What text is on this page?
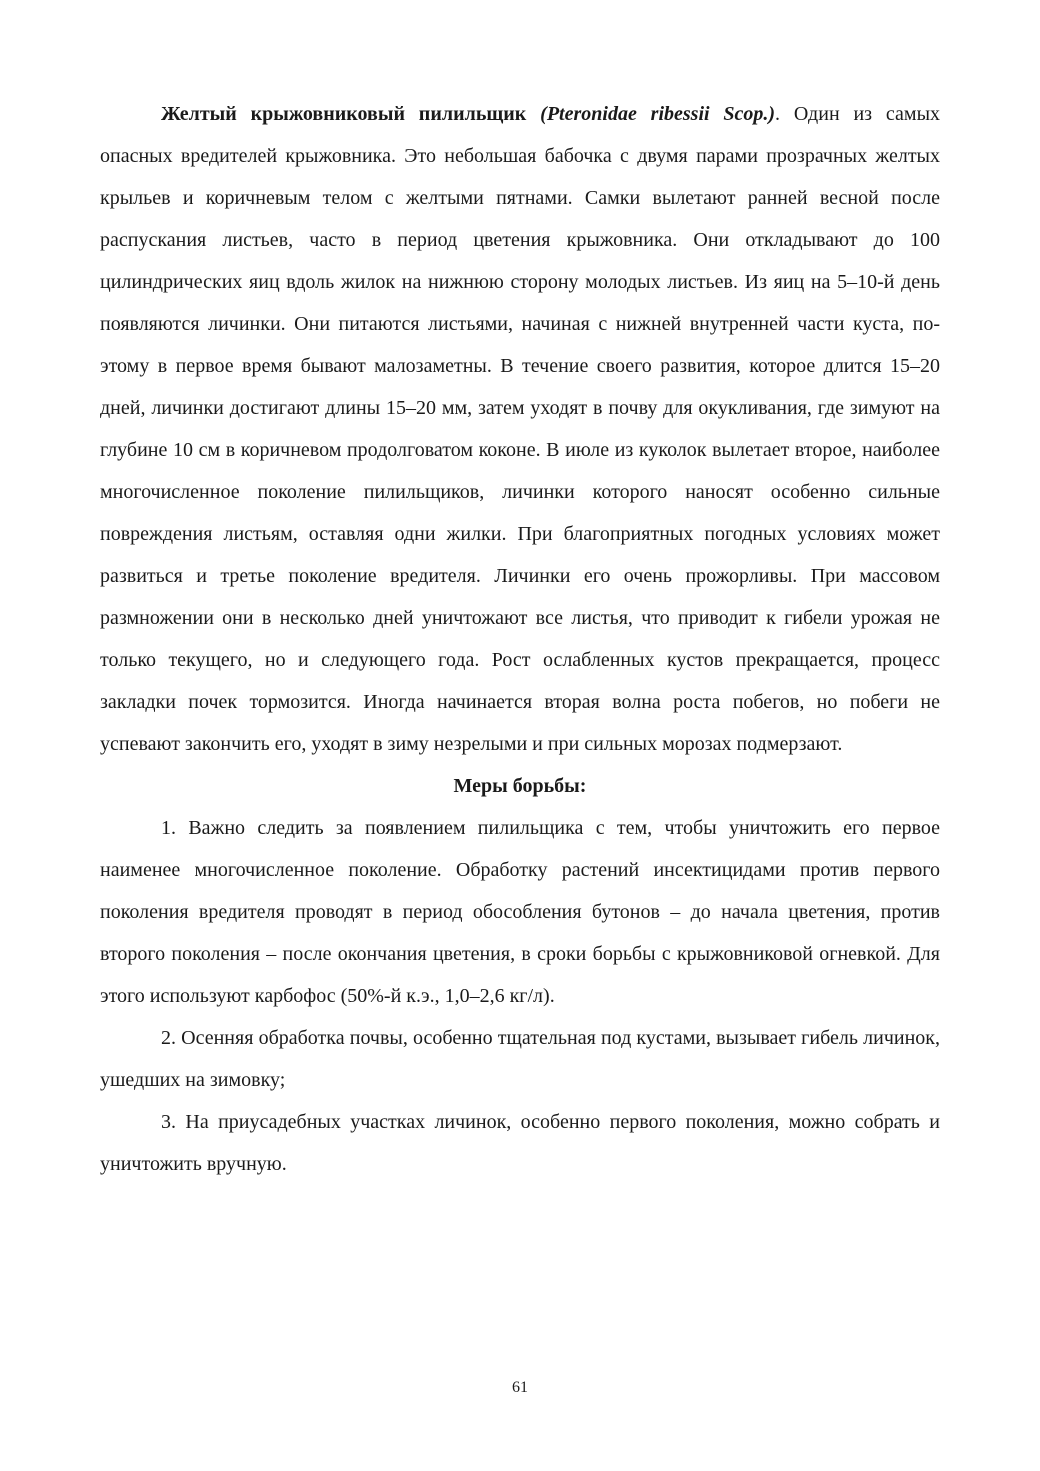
Желтый крыжовниковый пилильщик (Pteronidae ribessii Scop.). Один из самых опасных вредителей крыжовника. Это небольшая бабочка с двумя парами прозрачных желтых крыльев и коричневым телом с желтыми пятнами. Самки вылетают ранней весной после распускания листьев, часто в период цветения крыжовника. Они откладывают до 100 цилиндрических яиц вдоль жилок на нижнюю сторону молодых листьев. Из яиц на 5–10-й день появляются личинки. Они питаются листьями, начиная с нижней внутренней части куста, поэтому в первое время бывают малозаметны. В течение своего развития, которое длится 15–20 дней, личинки достигают длины 15–20 мм, затем уходят в почву для окукливания, где зимуют на глубине 10 см в коричневом продолговатом коконе. В июле из куколок вылетает второе, наиболее многочисленное поколение пилильщиков, личинки которого наносят особенно сильные повреждения листьям, оставляя одни жилки. При благоприятных погодных условиях может развиться и третье поколение вредителя. Личинки его очень прожорливы. При массовом размножении они в несколько дней уничтожают все листья, что приводит к гибели урожая не только текущего, но и следующего года. Рост ослабленных кустов прекращается, процесс закладки почек тормозится. Иногда начинается вторая волна роста побегов, но побеги не успевают закончить его, уходят в зиму незрелыми и при сильных морозах подмерзают.

Меры борьбы:

1. Важно следить за появлением пилильщика с тем, чтобы уничтожить его первое наименее многочисленное поколение. Обработку растений инсектицидами против первого поколения вредителя проводят в период обособления бутонов – до начала цветения, против второго поколения – после окончания цветения, в сроки борьбы с крыжовниковой огневкой. Для этого используют карбофос (50%-й к.э., 1,0–2,6 кг/л).

2. Осенняя обработка почвы, особенно тщательная под кустами, вызывает гибель личинок, ушедших на зимовку;

3. На приусадебных участках личинок, особенно первого поколения, можно собрать и уничтожить вручную.

61
